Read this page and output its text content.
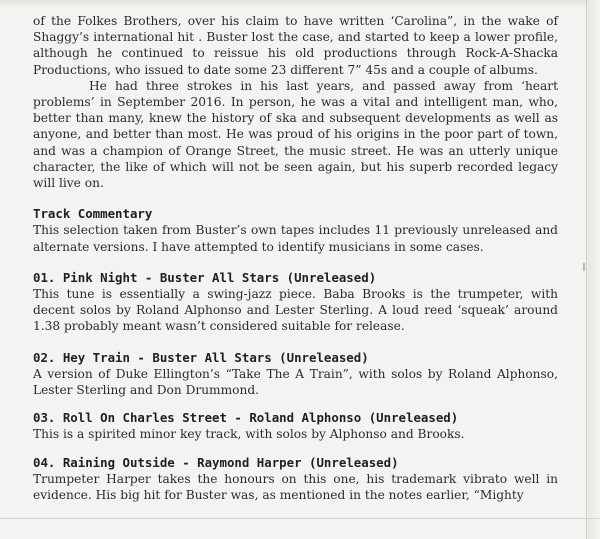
of the Folkes Brothers, over his claim to have written ‘Carolina”, in the wake of Shaggy’s international hit . Buster lost the case, and started to keep a lower profile, although he continued to reissue his old productions through Rock-A-Shacka Productions, who issued to date some 23 different 7” 45s and a couple of albums.

He had three strokes in his last years, and passed away from ‘heart problems’ in September 2016. In person, he was a vital and intelligent man, who, better than many, knew the history of ska and subsequent developments as well as anyone, and better than most. He was proud of his origins in the poor part of town, and was a champion of Orange Street, the music street. He was an utterly unique character, the like of which will not be seen again, but his superb recorded legacy will live on.

Track Commentary

This selection taken from Buster’s own tapes includes 11 previously unreleased and alternate versions. I have attempted to identify musicians in some cases.

01. Pink Night - Buster All Stars (Unreleased)

This tune is essentially a swing-jazz piece. Baba Brooks is the trumpeter, with decent solos by Roland Alphonso and Lester Sterling. A loud reed ‘squeak’ around 1.38 probably meant wasn’t considered suitable for release.

02. Hey Train - Buster All Stars (Unreleased)

A version of Duke Ellington’s “Take The A Train”, with solos by Roland Alphonso, Lester Sterling and Don Drummond.

03. Roll On Charles Street - Roland Alphonso (Unreleased)

This is a spirited minor key track, with solos by Alphonso and Brooks.

04. Raining Outside - Raymond Harper (Unreleased)

Trumpeter Harper takes the honours on this one, his trademark vibrato well in evidence. His big hit for Buster was, as mentioned in the notes earlier, “Mighty
